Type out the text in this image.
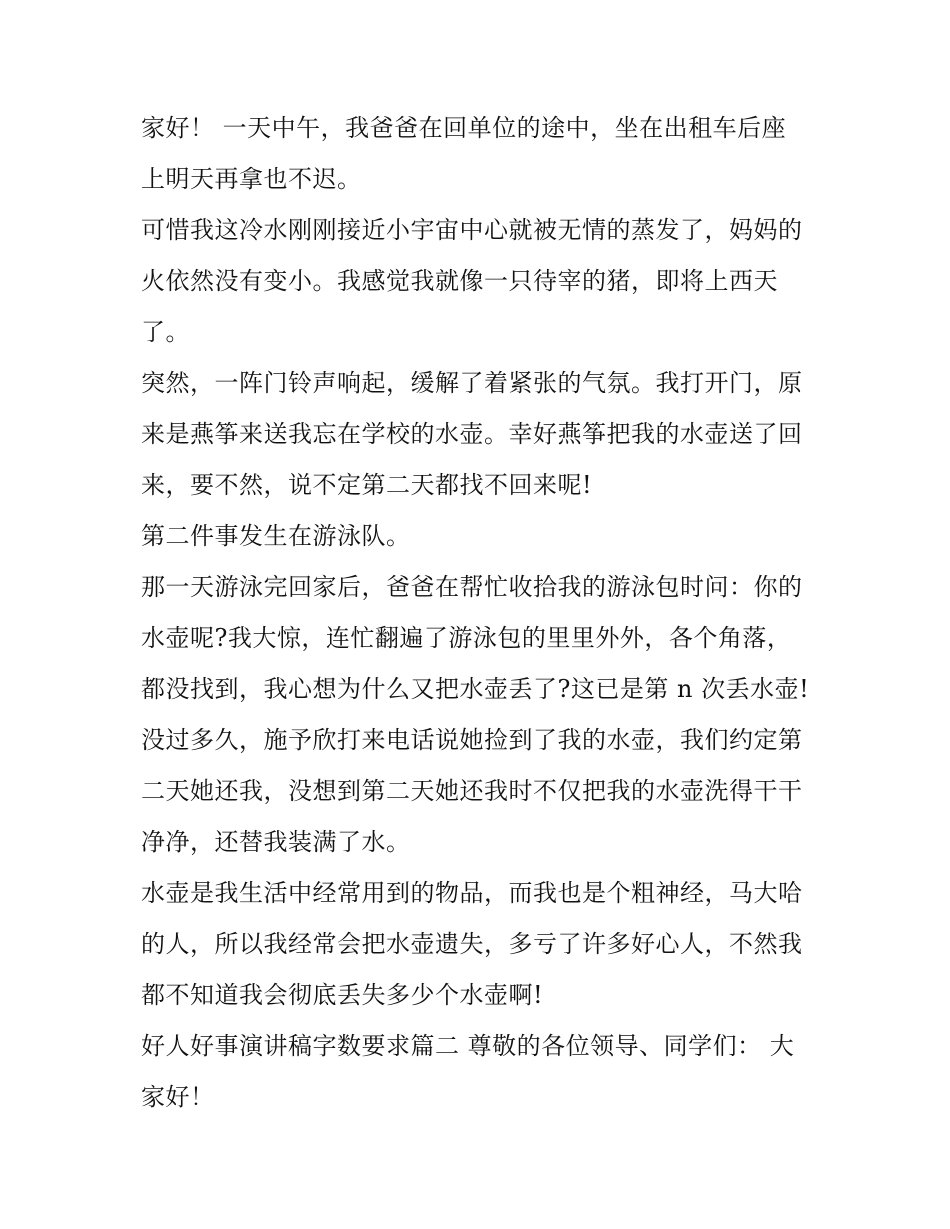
家好！ 一天中午，我爸爸在回单位的途中，坐在出租车后座
上明天再拿也不迟。
可惜我这冷水刚刚接近小宇宙中心就被无情的蒸发了，妈妈的
火依然没有变小。我感觉我就像一只待宰的猪，即将上西天
了。
突然，一阵门铃声响起，缓解了着紧张的气氛。我打开门，原
来是燕筝来送我忘在学校的水壶。幸好燕筝把我的水壶送了回
来，要不然，说不定第二天都找不回来呢!
第二件事发生在游泳队。
那一天游泳完回家后，爸爸在帮忙收拾我的游泳包时问：你的
水壶呢?我大惊，连忙翻遍了游泳包的里里外外，各个角落，
都没找到，我心想为什么又把水壶丢了?这已是第 n 次丢水壶!
没过多久，施予欣打来电话说她捡到了我的水壶，我们约定第
二天她还我，没想到第二天她还我时不仅把我的水壶洗得干干
净净，还替我装满了水。
水壶是我生活中经常用到的物品，而我也是个粗神经，马大哈
的人，所以我经常会把水壶遗失，多亏了许多好心人，不然我
都不知道我会彻底丢失多少个水壶啊!
好人好事演讲稿字数要求篇二 尊敬的各位领导、同学们： 大
家好！
